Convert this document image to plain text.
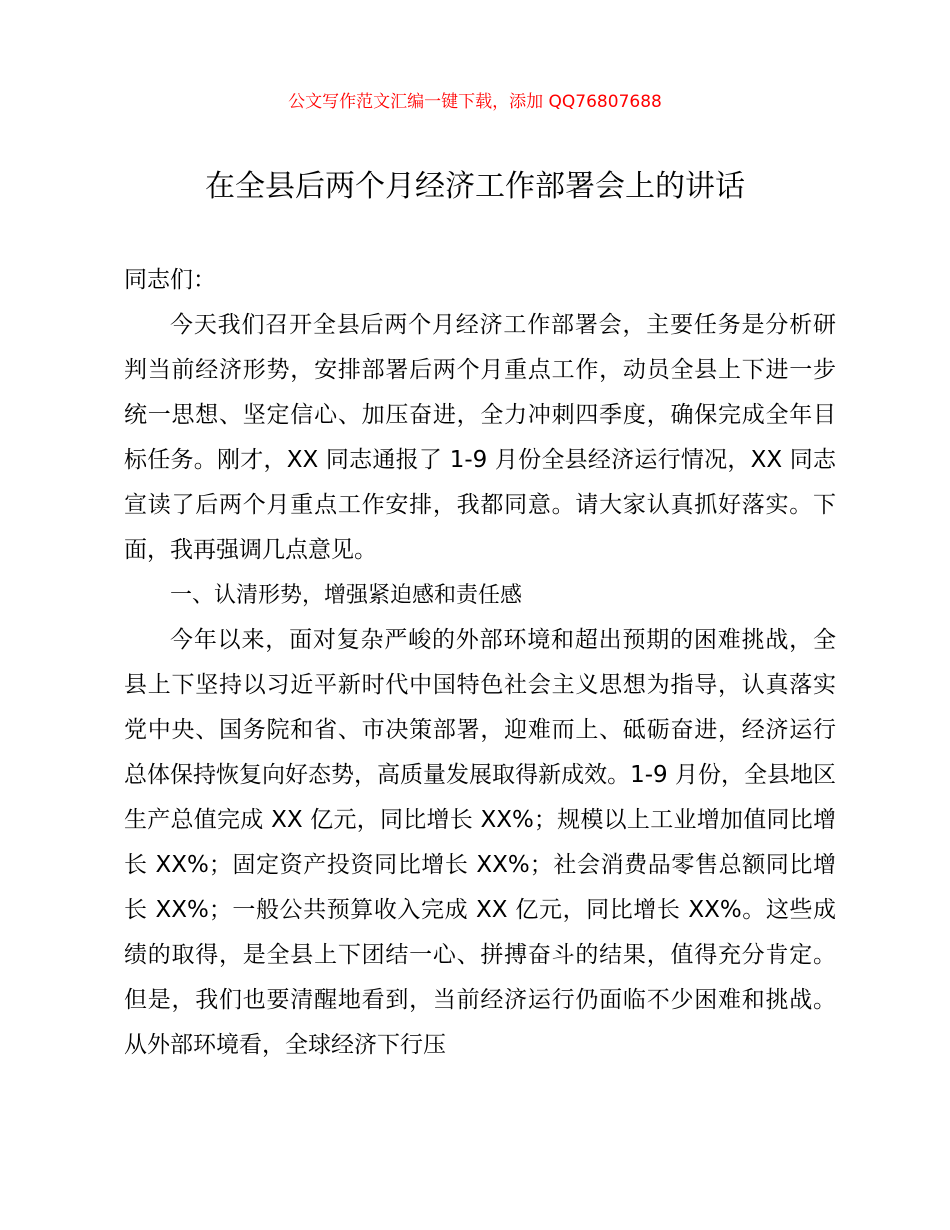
公文写作范文汇编一键下载，添加 QQ76807688
在全县后两个月经济工作部署会上的讲话

同志们：

今天我们召开全县后两个月经济工作部署会，主要任务是分析研判当前经济形势，安排部署后两个月重点工作，动员全县上下进一步统一思想、坚定信心、加压奋进，全力冲刺四季度，确保完成全年目标任务。刚才，XX 同志通报了 1-9 月份全县经济运行情况，XX 同志宣读了后两个月重点工作安排，我都同意。请大家认真抓好落实。下面，我再强调几点意见。

一、认清形势，增强紧迫感和责任感

今年以来，面对复杂严峻的外部环境和超出预期的困难挑战，全县上下坚持以习近平新时代中国特色社会主义思想为指导，认真落实党中央、国务院和省、市决策部署，迎难而上、砥砺奋进，经济运行总体保持恢复向好态势，高质量发展取得新成效。1-9 月份，全县地区生产总值完成 XX 亿元，同比增长 XX%；规模以上工业增加值同比增长 XX%；固定资产投资同比增长 XX%；社会消费品零售总额同比增长 XX%；一般公共预算收入完成 XX 亿元，同比增长 XX%。这些成绩的取得，是全县上下团结一心、拼搏奋斗的结果，值得充分肯定。但是，我们也要清醒地看到，当前经济运行仍面临不少困难和挑战。从外部环境看，全球经济下行压
